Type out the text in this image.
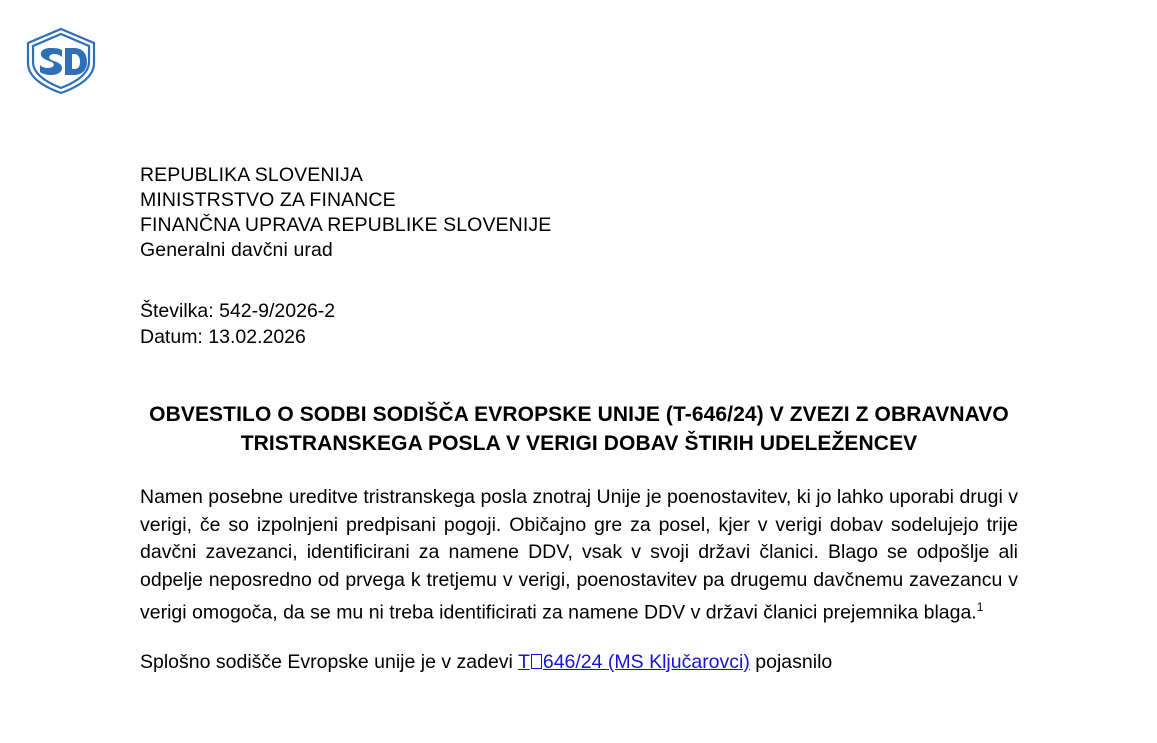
REPUBLIKA SLOVENIJA
MINISTRSTVO ZA FINANCE
FINANČNA UPRAVA REPUBLIKE SLOVENIJE
Generalni davčni urad
Številka: 542-9/2026-2
Datum: 13.02.2026
OBVESTILO O SODBI SODIŠČA EVROPSKE UNIJE (T-646/24) V ZVEZI Z OBRAVNAVO TRISTRANSKEGA POSLA V VERIGI DOBAV ŠTIRIH UDELEŽENCEV
Namen posebne ureditve tristranskega posla znotraj Unije je poenostavitev, ki jo lahko uporabi drugi v verigi, če so izpolnjeni predpisani pogoji. Običajno gre za posel, kjer v verigi dobav sodelujejo trije davčni zavezanci, identificirani za namene DDV, vsak v svoji državi članici. Blago se odpošlje ali odpelje neposredno od prvega k tretjemu v verigi, poenostavitev pa drugemu davčnemu zavezancu v verigi omogoča, da se mu ni treba identificirati za namene DDV v državi članici prejemnika blaga.$^1$
Splošno sodišče Evropske unije je v zadevi T 646/24 (MS Ključarovci) pojasnilo
